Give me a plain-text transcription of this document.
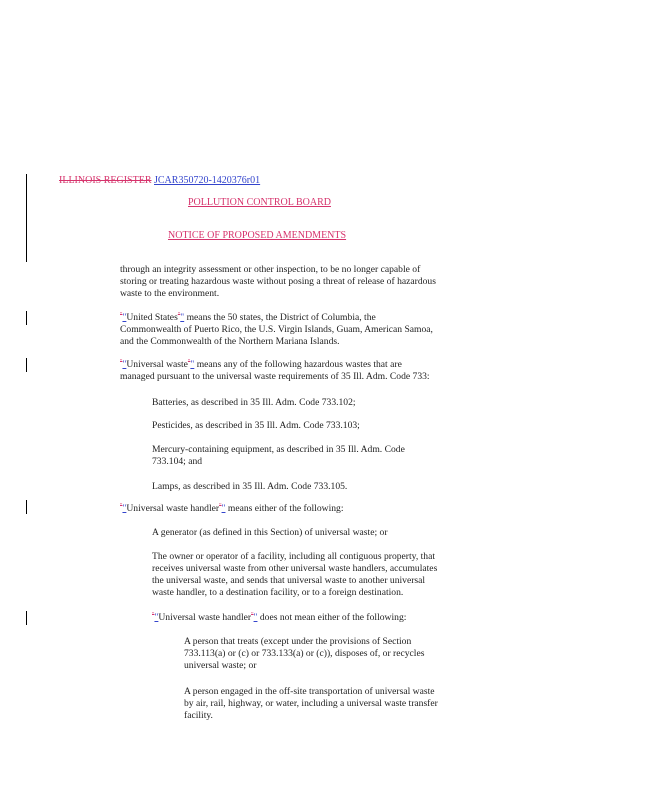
ILLINOIS REGISTER JCAR350720-1420376r01
POLLUTION CONTROL BOARD
NOTICE OF PROPOSED AMENDMENTS
through an integrity assessment or other inspection, to be no longer capable of
storing or treating hazardous waste without posing a threat of release of hazardous
waste to the environment.
""United States"" means the 50 states, the District of Columbia, the
Commonwealth of Puerto Rico, the U.S. Virgin Islands, Guam, American Samoa,
and the Commonwealth of the Northern Mariana Islands.
""Universal waste"" means any of the following hazardous wastes that are
managed pursuant to the universal waste requirements of 35 Ill. Adm. Code 733:
Batteries, as described in 35 Ill. Adm. Code 733.102;
Pesticides, as described in 35 Ill. Adm. Code 733.103;
Mercury-containing equipment, as described in 35 Ill. Adm. Code
733.104; and
Lamps, as described in 35 Ill. Adm. Code 733.105.
""Universal waste handler"" means either of the following:
A generator (as defined in this Section) of universal waste; or
The owner or operator of a facility, including all contiguous property, that
receives universal waste from other universal waste handlers, accumulates
the universal waste, and sends that universal waste to another universal
waste handler, to a destination facility, or to a foreign destination.
""Universal waste handler"" does not mean either of the following:
A person that treats (except under the provisions of Section
733.113(a) or (c) or 733.133(a) or (c)), disposes of, or recycles
universal waste; or
A person engaged in the off-site transportation of universal waste
by air, rail, highway, or water, including a universal waste transfer
facility.
